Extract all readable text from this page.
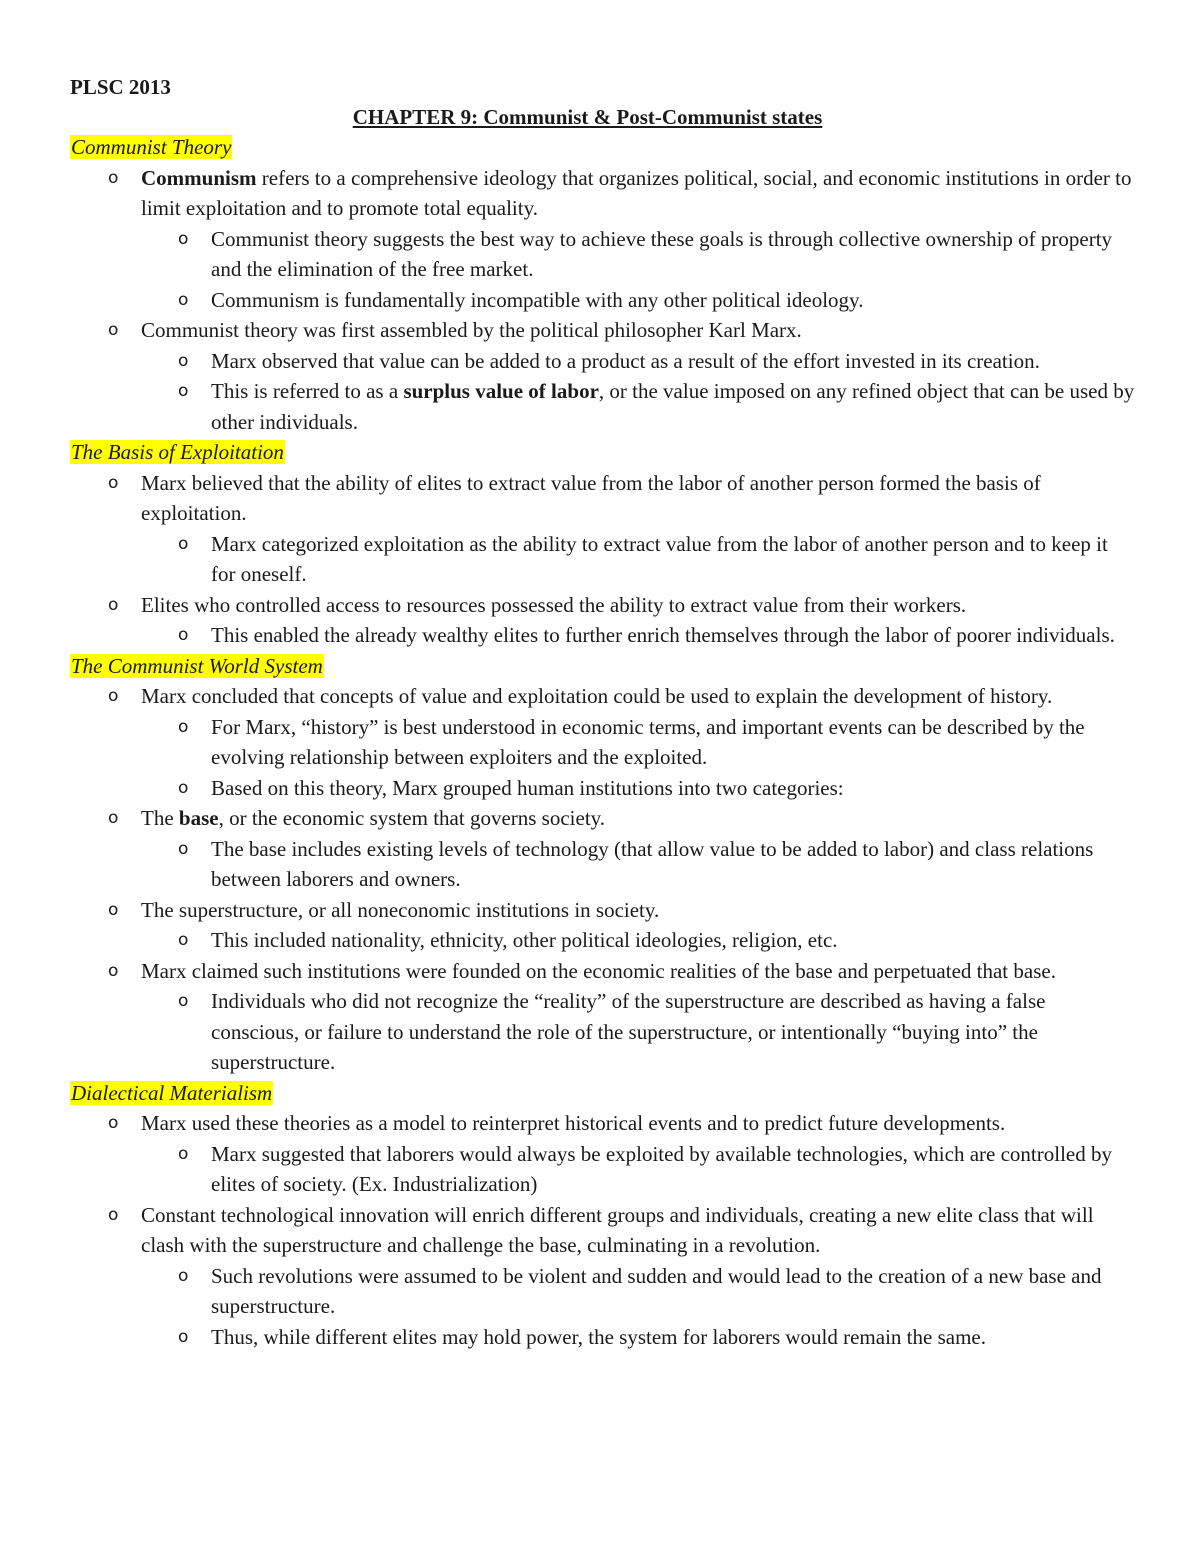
PLSC 2013
CHAPTER 9: Communist & Post-Communist states
Communist Theory
o Communism refers to a comprehensive ideology that organizes political, social, and economic institutions in order to limit exploitation and to promote total equality.
o Communist theory suggests the best way to achieve these goals is through collective ownership of property and the elimination of the free market.
o Communism is fundamentally incompatible with any other political ideology.
o Communist theory was first assembled by the political philosopher Karl Marx.
o Marx observed that value can be added to a product as a result of the effort invested in its creation.
o This is referred to as a surplus value of labor, or the value imposed on any refined object that can be used by other individuals.
The Basis of Exploitation
o Marx believed that the ability of elites to extract value from the labor of another person formed the basis of exploitation.
o Marx categorized exploitation as the ability to extract value from the labor of another person and to keep it for oneself.
o Elites who controlled access to resources possessed the ability to extract value from their workers.
o This enabled the already wealthy elites to further enrich themselves through the labor of poorer individuals.
The Communist World System
o Marx concluded that concepts of value and exploitation could be used to explain the development of history.
o For Marx, “history” is best understood in economic terms, and important events can be described by the evolving relationship between exploiters and the exploited.
o Based on this theory, Marx grouped human institutions into two categories:
o The base, or the economic system that governs society.
o The base includes existing levels of technology (that allow value to be added to labor) and class relations between laborers and owners.
o The superstructure, or all noneconomic institutions in society.
o This included nationality, ethnicity, other political ideologies, religion, etc.
o Marx claimed such institutions were founded on the economic realities of the base and perpetuated that base.
o Individuals who did not recognize the “reality” of the superstructure are described as having a false conscious, or failure to understand the role of the superstructure, or intentionally “buying into” the superstructure.
Dialectical Materialism
o Marx used these theories as a model to reinterpret historical events and to predict future developments.
o Marx suggested that laborers would always be exploited by available technologies, which are controlled by elites of society. (Ex. Industrialization)
o Constant technological innovation will enrich different groups and individuals, creating a new elite class that will clash with the superstructure and challenge the base, culminating in a revolution.
o Such revolutions were assumed to be violent and sudden and would lead to the creation of a new base and superstructure.
o Thus, while different elites may hold power, the system for laborers would remain the same.
